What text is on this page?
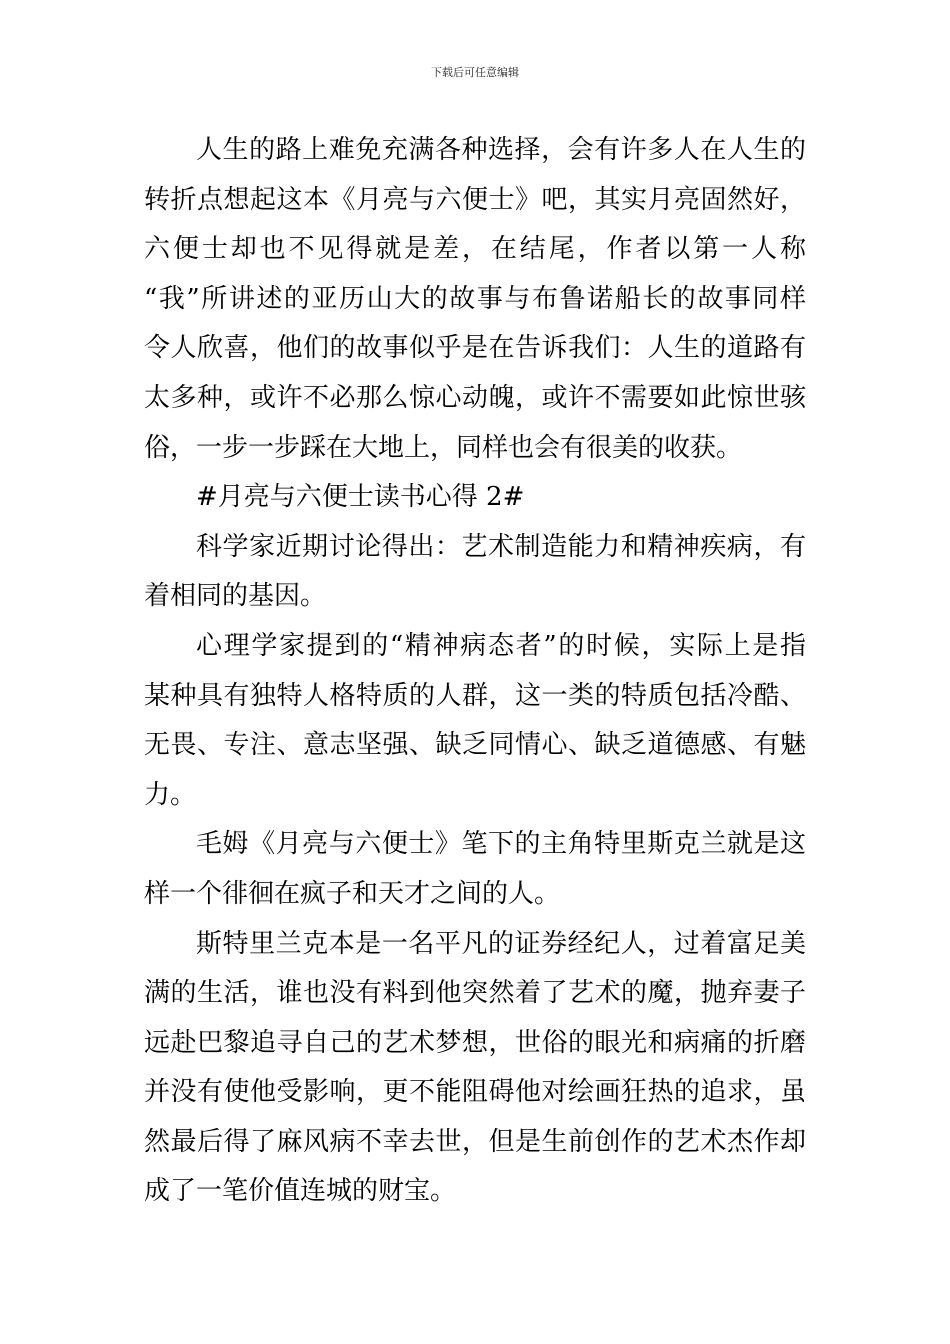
下载后可任意编辑
人生的路上难免充满各种选择，会有许多人在人生的
转折点想起这本《月亮与六便士》吧，其实月亮固然好，
六便士却也不见得就是差，在结尾，作者以第一人称
“我”所讲述的亚历山大的故事与布鲁诺船长的故事同样
令人欣喜，他们的故事似乎是在告诉我们：人生的道路有
太多种，或许不必那么惊心动魄，或许不需要如此惊世骇
俗，一步一步踩在大地上，同样也会有很美的收获。
#月亮与六便士读书心得 2#
科学家近期讨论得出：艺术制造能力和精神疾病，有
着相同的基因。
心理学家提到的“精神病态者”的时候，实际上是指
某种具有独特人格特质的人群，这一类的特质包括冷酷、
无畏、专注、意志坚强、缺乏同情心、缺乏道德感、有魅
力。
毛姆《月亮与六便士》笔下的主角特里斯克兰就是这
样一个徘徊在疯子和天才之间的人。
斯特里兰克本是一名平凡的证券经纪人，过着富足美
满的生活，谁也没有料到他突然着了艺术的魔，抛弃妻子
远赴巴黎追寻自己的艺术梦想，世俗的眼光和病痛的折磨
并没有使他受影响，更不能阻碍他对绘画狂热的追求，虽
然最后得了麻风病不幸去世，但是生前创作的艺术杰作却
成了一笔价值连城的财宝。
